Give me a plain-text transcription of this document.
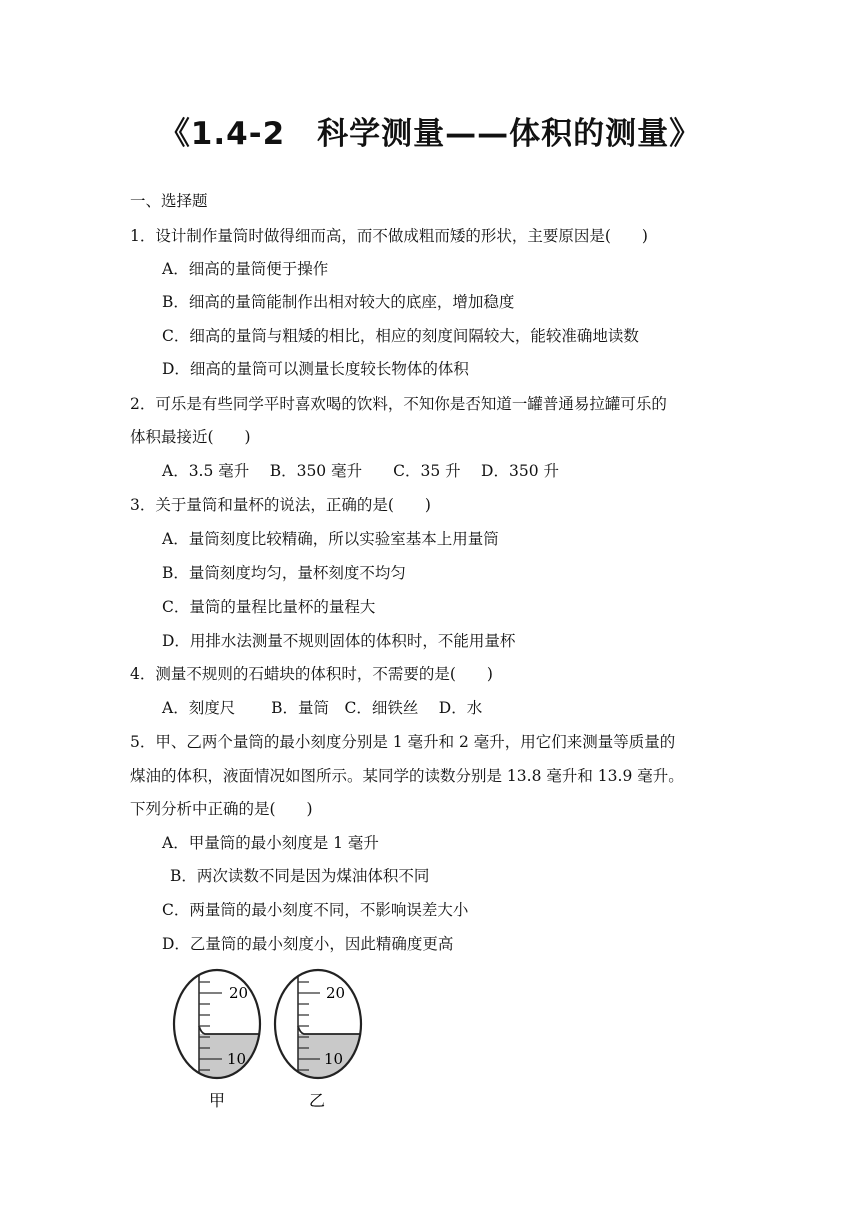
《1.4-2　科学测量——体积的测量》
一、选择题
1．设计制作量筒时做得细而高，而不做成粗而矮的形状，主要原因是(　　)
A．细高的量筒便于操作
B．细高的量筒能制作出相对较大的底座，增加稳度
C．细高的量筒与粗矮的相比，相应的刻度间隔较大，能较准确地读数
D．细高的量筒可以测量长度较长物体的体积
2．可乐是有些同学平时喜欢喝的饮料，不知你是否知道一罐普通易拉罐可乐的
体积最接近(　　)
A．3.5 毫升　 B．350 毫升　　C．35 升　 D．350 升
3．关于量筒和量杯的说法，正确的是(　　)
A．量筒刻度比较精确，所以实验室基本上用量筒
B．量筒刻度均匀，量杯刻度不均匀
C．量筒的量程比量杯的量程大
D．用排水法测量不规则固体的体积时，不能用量杯
4．测量不规则的石蜡块的体积时，不需要的是(　　)
A．刻度尺　　 B．量筒　C．细铁丝　 D．水
5．甲、乙两个量筒的最小刻度分别是 1 毫升和 2 毫升，用它们来测量等质量的
煤油的体积，液面情况如图所示。某同学的读数分别是 13.8 毫升和 13.9 毫升。
下列分析中正确的是(　　)
A．甲量筒的最小刻度是 1 毫升
B．两次读数不同是因为煤油体积不同
C．两量筒的最小刻度不同，不影响误差大小
D．乙量筒的最小刻度小，因此精确度更高
20
10
甲
20
10
乙
